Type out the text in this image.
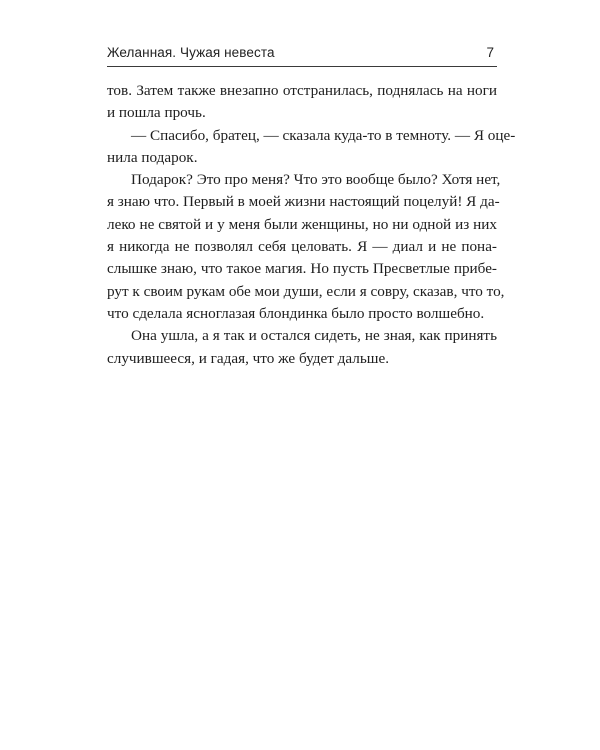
Желанная. Чужая невеста	7
тов. Затем также внезапно отстранилась, поднялась на ноги
и пошла прочь.
— Спасибо, братец, — сказала куда-то в темноту. — Я оце-
нила подарок.
Подарок? Это про меня? Что это вообще было? Хотя нет,
я знаю что. Первый в моей жизни настоящий поцелуй! Я да-
леко не святой и у меня были женщины, но ни одной из них
я никогда не позволял себя целовать. Я — диал и не пона-
слышке знаю, что такое магия. Но пусть Пресветлые прибе-
рут к своим рукам обе мои души, если я совру, сказав, что то,
что сделала ясноглазая блондинка было просто волшебно.
Она ушла, а я так и остался сидеть, не зная, как принять
случившееся, и гадая, что же будет дальше.
